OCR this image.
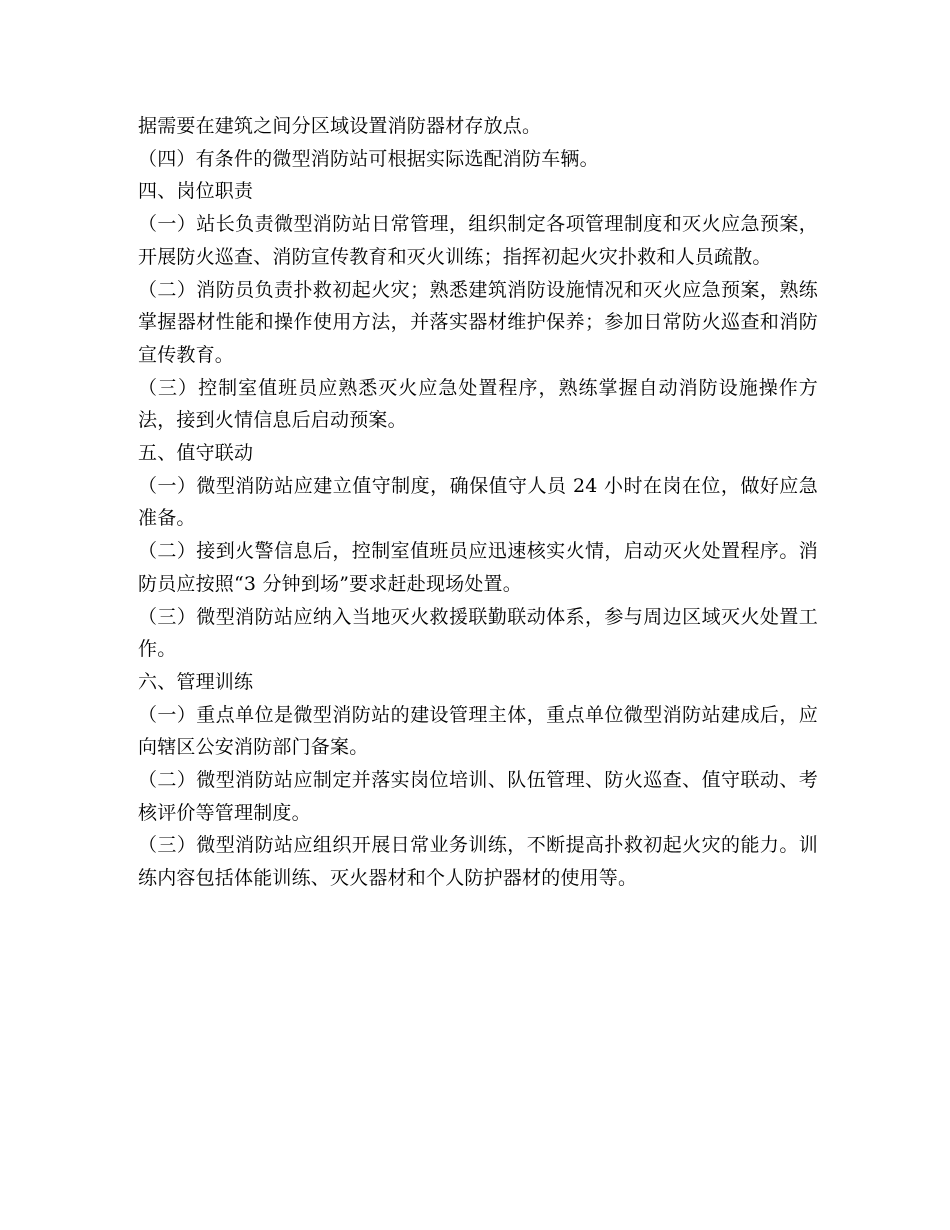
据需要在建筑之间分区域设置消防器材存放点。

（四）有条件的微型消防站可根据实际选配消防车辆。

四、岗位职责

（一）站长负责微型消防站日常管理，组织制定各项管理制度和灭火应急预案，开展防火巡查、消防宣传教育和灭火训练；指挥初起火灾扑救和人员疏散。

（二）消防员负责扑救初起火灾；熟悉建筑消防设施情况和灭火应急预案，熟练掌握器材性能和操作使用方法，并落实器材维护保养；参加日常防火巡查和消防宣传教育。

（三）控制室值班员应熟悉灭火应急处置程序，熟练掌握自动消防设施操作方法，接到火情信息后启动预案。

五、值守联动

（一）微型消防站应建立值守制度，确保值守人员 24 小时在岗在位，做好应急准备。

（二）接到火警信息后，控制室值班员应迅速核实火情，启动灭火处置程序。消防员应按照“3 分钟到场”要求赶赴现场处置。

（三）微型消防站应纳入当地灭火救援联勤联动体系，参与周边区域灭火处置工作。

六、管理训练

（一）重点单位是微型消防站的建设管理主体，重点单位微型消防站建成后，应向辖区公安消防部门备案。

（二）微型消防站应制定并落实岗位培训、队伍管理、防火巡查、值守联动、考核评价等管理制度。

（三）微型消防站应组织开展日常业务训练，不断提高扑救初起火灾的能力。训练内容包括体能训练、灭火器材和个人防护器材的使用等。
